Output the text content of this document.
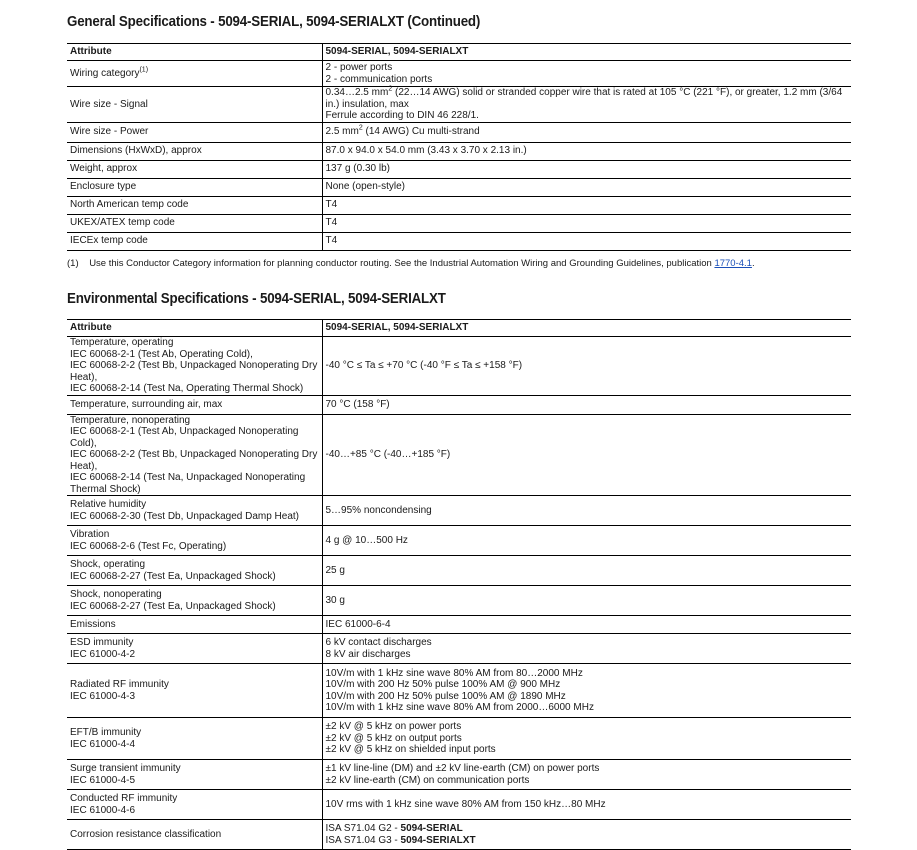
General Specifications - 5094-SERIAL, 5094-SERIALXT (Continued)
Attribute	5094-SERIAL, 5094-SERIALXT
Wiring category$^{(1)}$	2 - power ports
2 - communication ports
Wire size - Signal	0.34…2.5 $mm^2$ (22…14 AWG) solid or stranded copper wire that is rated at 105 °C (221 °F), or greater, 1.2 mm (3/64 in.) insulation, max
Ferrule according to DIN 46 228/1.
Wire size - Power	2.5 $mm^2$ (14 AWG) Cu multi-strand
Dimensions (HxWxD), approx	87.0 x 94.0 x 54.0 mm (3.43 x 3.70 x 2.13 in.)
Weight, approx	137 g (0.30 lb)
Enclosure type	None (open-style)
North American temp code	T4
UKEX/ATEX temp code	T4
IECEx temp code	T4
(1) Use this Conductor Category information for planning conductor routing. See the Industrial Automation Wiring and Grounding Guidelines, publication 1770-4.1.
Environmental Specifications - 5094-SERIAL, 5094-SERIALXT
Attribute	5094-SERIAL, 5094-SERIALXT
Temperature, operating
IEC 60068-2-1 (Test Ab, Operating Cold),
IEC 60068-2-2 (Test Bb, Unpackaged Nonoperating Dry Heat),
IEC 60068-2-14 (Test Na, Operating Thermal Shock)	-40 °C ≤ Ta ≤ +70 °C (-40 °F ≤ Ta ≤ +158 °F)
Temperature, surrounding air, max	70 °C (158 °F)
Temperature, nonoperating
IEC 60068-2-1 (Test Ab, Unpackaged Nonoperating Cold),
IEC 60068-2-2 (Test Bb, Unpackaged Nonoperating Dry Heat),
IEC 60068-2-14 (Test Na, Unpackaged Nonoperating
Thermal Shock)	-40…+85 °C (-40…+185 °F)
Relative humidity
IEC 60068-2-30 (Test Db, Unpackaged Damp Heat)	5…95% noncondensing
Vibration
IEC 60068-2-6 (Test Fc, Operating)	4 g @ 10…500 Hz
Shock, operating
IEC 60068-2-27 (Test Ea, Unpackaged Shock)	25 g
Shock, nonoperating
IEC 60068-2-27 (Test Ea, Unpackaged Shock)	30 g
Emissions	IEC 61000-6-4
ESD immunity
IEC 61000-4-2	6 kV contact discharges
8 kV air discharges
Radiated RF immunity
IEC 61000-4-3	10V/m with 1 kHz sine wave 80% AM from 80…2000 MHz
10V/m with 200 Hz 50% pulse 100% AM @ 900 MHz
10V/m with 200 Hz 50% pulse 100% AM @ 1890 MHz
10V/m with 1 kHz sine wave 80% AM from 2000…6000 MHz
EFT/B immunity
IEC 61000-4-4	±2 kV @ 5 kHz on power ports
±2 kV @ 5 kHz on output ports
±2 kV @ 5 kHz on shielded input ports
Surge transient immunity
IEC 61000-4-5	±1 kV line-line (DM) and ±2 kV line-earth (CM) on power ports
±2 kV line-earth (CM) on communication ports
Conducted RF immunity
IEC 61000-4-6	10V rms with 1 kHz sine wave 80% AM from 150 kHz…80 MHz
Corrosion resistance classification	ISA S71.04 G2 - 5094-SERIAL
ISA S71.04 G3 - 5094-SERIALXT
